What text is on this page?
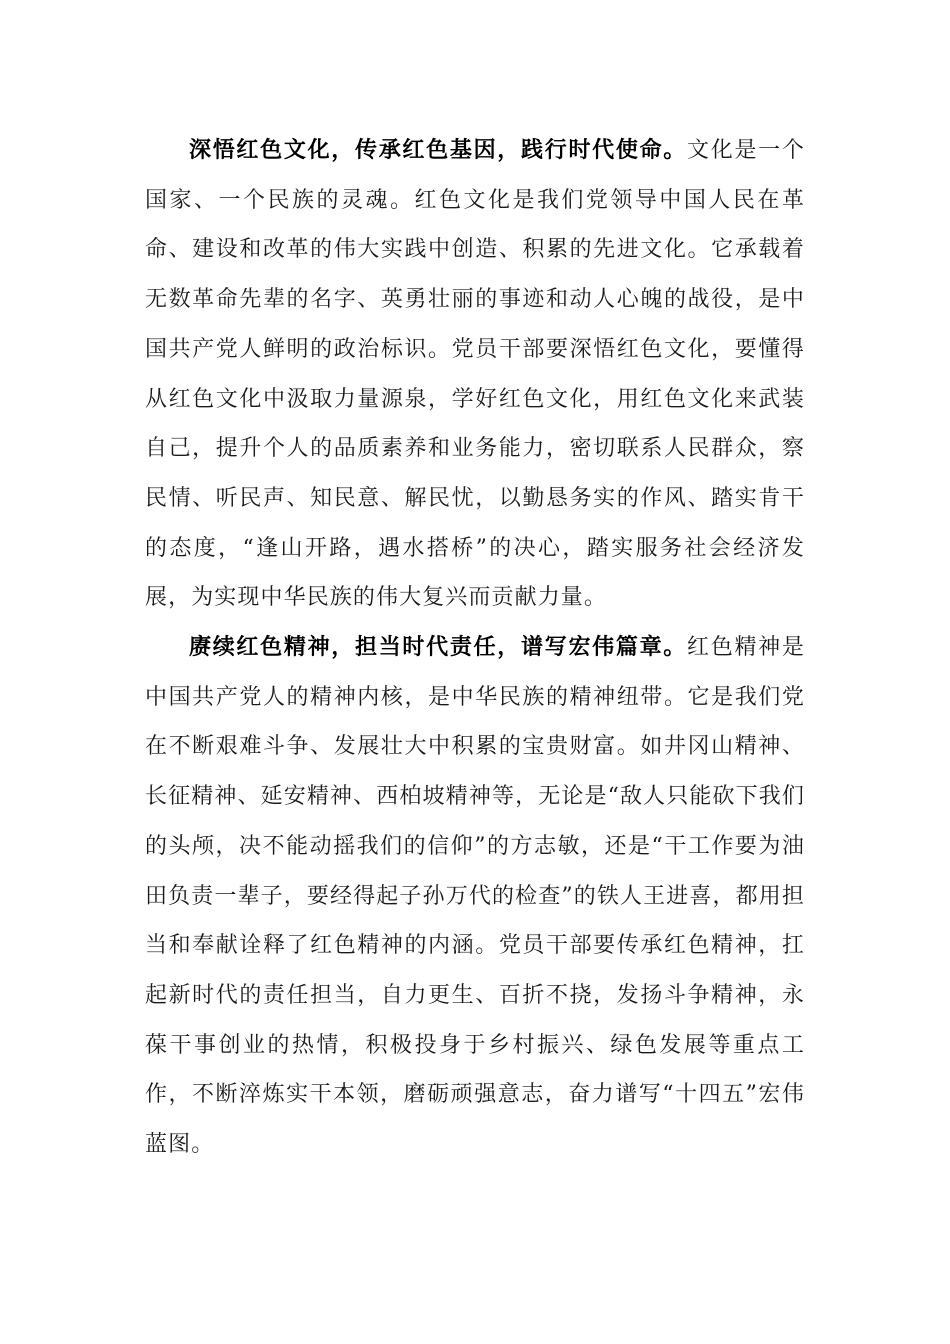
深悟红色文化，传承红色基因，践行时代使命。文化是一个国家、一个民族的灵魂。红色文化是我们党领导中国人民在革命、建设和改革的伟大实践中创造、积累的先进文化。它承载着无数革命先辈的名字、英勇壮丽的事迹和动人心魄的战役，是中国共产党人鲜明的政治标识。党员干部要深悟红色文化，要懂得从红色文化中汲取力量源泉，学好红色文化，用红色文化来武装自己，提升个人的品质素养和业务能力，密切联系人民群众，察民情、听民声、知民意、解民忧，以勤恳务实的作风、踏实肯干的态度，“逢山开路，遇水搭桥”的决心，踏实服务社会经济发展，为实现中华民族的伟大复兴而贡献力量。

赓续红色精神，担当时代责任，谱写宏伟篇章。红色精神是中国共产党人的精神内核，是中华民族的精神纽带。它是我们党在不断艰难斗争、发展壮大中积累的宝贵财富。如井冈山精神、长征精神、延安精神、西柏坡精神等，无论是“敌人只能砍下我们的头颅，决不能动摇我们的信仰”的方志敏，还是“干工作要为油田负责一辈子，要经得起子孙万代的检查”的铁人王进喜，都用担当和奉献诠释了红色精神的内涵。党员干部要传承红色精神，扛起新时代的责任担当，自力更生、百折不挠，发扬斗争精神，永葆干事创业的热情，积极投身于乡村振兴、绿色发展等重点工作，不断淬炼实干本领，磨砺顽强意志，奋力谱写“十四五”宏伟蓝图。
